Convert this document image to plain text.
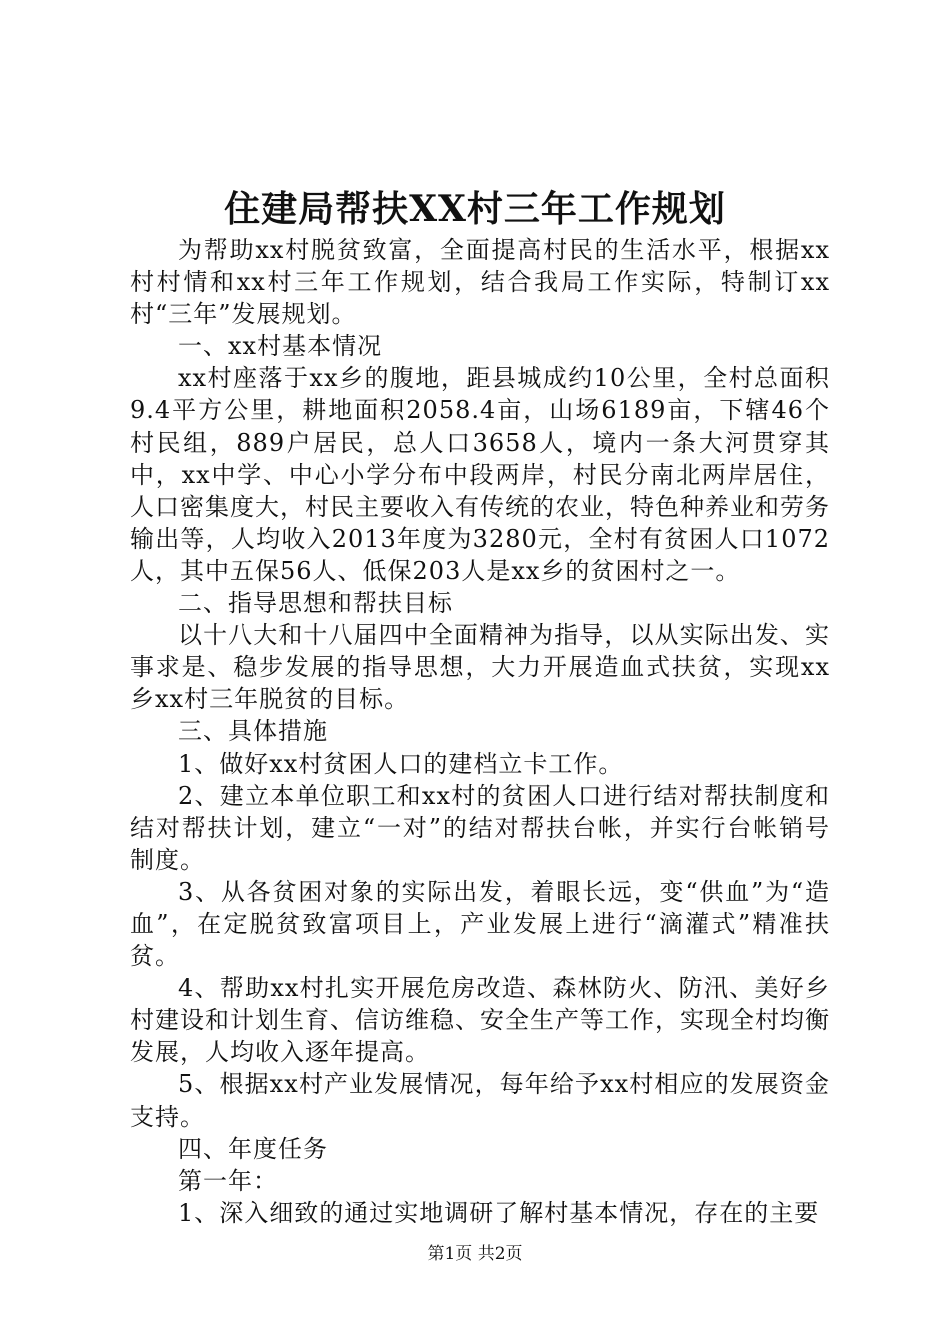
住建局帮扶XX村三年工作规划

为帮助xx村脱贫致富，全面提高村民的生活水平，根据xx村村情和xx村三年工作规划，结合我局工作实际，特制订xx村“三年”发展规划。

一、xx村基本情况

xx村座落于xx乡的腹地，距县城成约10公里，全村总面积9.4平方公里，耕地面积2058.4亩，山场6189亩，下辖46个村民组，889户居民，总人口3658人，境内一条大河贯穿其中，xx中学、中心小学分布中段两岸，村民分南北两岸居住，人口密集度大，村民主要收入有传统的农业，特色种养业和劳务输出等，人均收入2013年度为3280元，全村有贫困人口1072人，其中五保56人、低保203人是xx乡的贫困村之一。

二、指导思想和帮扶目标

以十八大和十八届四中全面精神为指导，以从实际出发、实事求是、稳步发展的指导思想，大力开展造血式扶贫，实现xx乡xx村三年脱贫的目标。

三、具体措施

1、做好xx村贫困人口的建档立卡工作。

2、建立本单位职工和xx村的贫困人口进行结对帮扶制度和结对帮扶计划，建立“一对”的结对帮扶台帐，并实行台帐销号制度。

3、从各贫困对象的实际出发，着眼长远，变“供血”为“造血”，在定脱贫致富项目上，产业发展上进行“滴灌式”精准扶贫。

4、帮助xx村扎实开展危房改造、森林防火、防汛、美好乡村建设和计划生育、信访维稳、安全生产等工作，实现全村均衡发展，人均收入逐年提高。

5、根据xx村产业发展情况，每年给予xx村相应的发展资金支持。

四、年度任务

第一年：

1、深入细致的通过实地调研了解村基本情况，存在的主要

第1页 共2页
